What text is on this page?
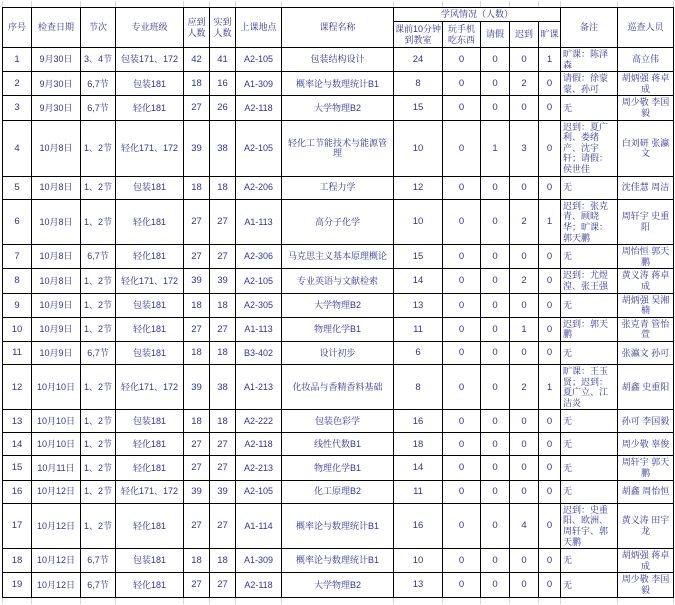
序号	检查日期	节次	专业班级	应到人数	实到人数	上课地点	课程名称	学风情况（人数）					备注	巡查人员
								课前10分钟到教室	玩手机吃东西	请假	迟到	旷课		
1	9月30日	3、4节	包装171、172	42	41	A2-105	包装结构设计	24	0	0	0	1	旷课：陈泽森	高立伟
2	9月30日	6,7节	包装181	18	16	A1-309	概率论与数理统计B1	8	0	0	2	0	请假：徐蒙蒙、孙可	胡炳强 蒋卓成
3	9月30日	6,7节	轻化181	27	26	A2-118	大学物理B2	15	0	0	0	0	无	周少敬 李国毅
4	10月8日	1、2节	轻化171、172	39	38	A2-105	轻化工节能技术与能源管理	10	0	1	3	0	迟到：夏广利、娄绪产、沈宇轩；请假：侯世佳	白刘研 张瀛文
5	10月8日	1、2节	包装181	18	18	A2-206	工程力学	12	0	0	0	0	无	沈佳慧 周洁
6	10月8日	1、2节	轻化181	27	27	A1-113	高分子化学	10	0	0	2	1	迟到：张克青、顾晓华；旷课：郭天鹏	周轩宇 史重阳
7	10月8日	6,7节	轻化181	27	27	A2-306	马克思主义基本原理概论	15	0	0	0	0	无	周怡恒 郭天鹏
8	10月8日	1、2节	轻化171、172	39	39	A2-105	专业英语与文献检索	14	0	0	2	0	迟到：尤煜湟、张王强	黄义涛 蒋卓成
9	10月9日	1、2节	包装181	18	18	A2-305	大学物理B2	13	0	0	0	0	无	胡炳强 吴湘楠
10	10月9日	1、2节	轻化181	27	27	A1-113	物理化学B1	11	0	0	1	0	迟到：郭天鹏	张克青 管怡萱
11	10月9日	6,7节	包装181	18	18	B3-402	设计初步	6	0	0	0	0	无	张瀛文 孙可
12	10月10日	1、2节	轻化171、172	39	38	A1-213	化妆品与香精香料基础	8	0	0	2	1	旷课：王玉贤；迟到：夏广立、江洁炎	胡鑫 史重阳
13	10月10日	1、2节	包装181	18	18	A2-222	包装色彩学	16	0	0	0	0	无	孙可 李国毅
14	10月10日	1、2节	轻化181	27	27	A2-118	线性代数B1	18	0	0	0	0	无	周少敬 辜俊
15	10月11日	1、2节	轻化181	27	27	A2-213	物理化学B1	14	0	0	0	0	无	周轩宇 郭天鹏
16	10月12日	1、2节	轻化171、172	39	39	A2-105	化工原理B2	11	0	0	0	0	无	胡鑫 周怡恒
17	10月12日	1、2节	轻化181	27	27	A1-114	概率论与数理统计B1	16	0	0	4	0	迟到：史重阳、欧洲、周轩宇、郭天鹏	黄义涛 田宇龙
18	10月12日	6,7节	包装181	18	18	A1-309	概率论与数理统计B1	10	0	0	0	0	无	胡炳强 蒋卓成
19	10月12日	6,7节	轻化181	27	27	A2-118	大学物理B2	13	0	0	0	0	无	周少敬 李国毅
